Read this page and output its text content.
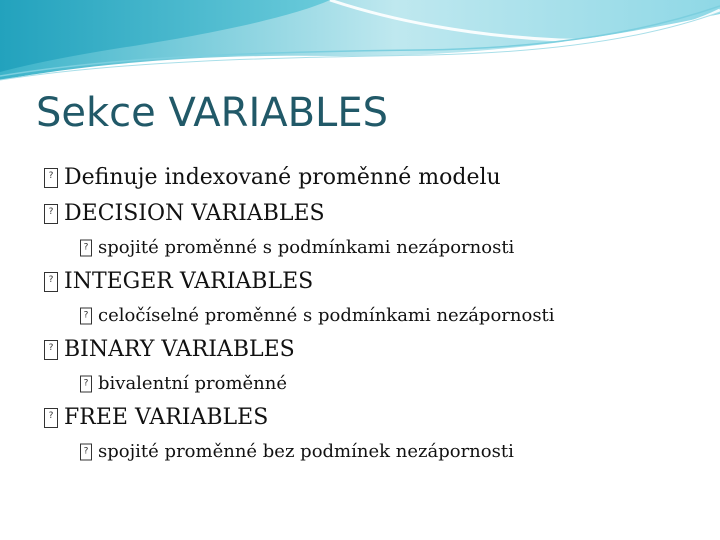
Sekce VARIABLES
?
Definuje indexované proměnné modelu
?
DECISION VARIABLES
?
spojité proměnné s podmínkami nezápornosti
?
INTEGER VARIABLES
?
celočíselné proměnné s podmínkami nezápornosti
?
BINARY VARIABLES
?
bivalentní proměnné
?
FREE VARIABLES
?
spojité proměnné bez podmínek nezápornosti
